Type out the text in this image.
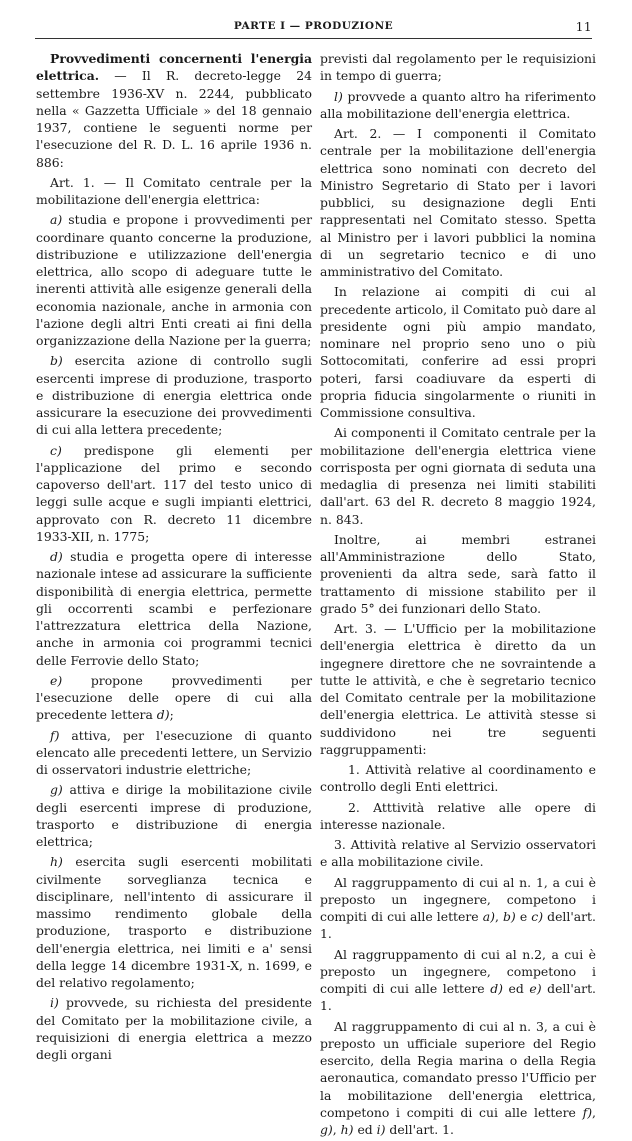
PARTE I — PRODUZIONE	11

Provvedimenti concernenti l'energia elettrica. — Il R. decreto-legge 24 settembre 1936-XV n. 2244, pubblicato nella « Gazzetta Ufficiale » del 18 gennaio 1937, contiene le seguenti norme per l'esecuzione del R. D. L. 16 aprile 1936 n. 886:

Art. 1. — Il Comitato centrale per la mobilitazione dell'energia elettrica:

a) studia e propone i provvedimenti per coordinare quanto concerne la produzione, distribuzione e utilizzazione dell'energia elettrica, allo scopo di adeguare tutte le inerenti attività alle esigenze generali della economia nazionale, anche in armonia con l'azione degli altri Enti creati ai fini della organizzazione della Nazione per la guerra;

b) esercita azione di controllo sugli esercenti imprese di produzione, trasporto e distribuzione di energia elettrica onde assicurare la esecuzione dei provvedimenti di cui alla lettera precedente;

c) predispone gli elementi per l'applicazione del primo e secondo capoverso dell'art. 117 del testo unico di leggi sulle acque e sugli impianti elettrici, approvato con R. decreto 11 dicembre 1933-XII, n. 1775;

d) studia e progetta opere di interesse nazionale intese ad assicurare la sufficiente disponibilità di energia elettrica, permette gli occorrenti scambi e perfezionare l'attrezzatura elettrica della Nazione, anche in armonia coi programmi tecnici delle Ferrovie dello Stato;

e) propone provvedimenti per l'esecuzione delle opere di cui alla precedente lettera d);

f) attiva, per l'esecuzione di quanto elencato alle precedenti lettere, un Servizio di osservatori industrie elettriche;

g) attiva e dirige la mobilitazione civile degli esercenti imprese di produzione, trasporto e distribuzione di energia elettrica;

h) esercita sugli esercenti mobilitati civilmente sorveglianza tecnica e disciplinare, nell'intento di assicurare il massimo rendimento globale della produzione, trasporto e distribuzione dell'energia elettrica, nei limiti e a' sensi della legge 14 dicembre 1931-X, n. 1699, e del relativo regolamento;

i) provvede, su richiesta del presidente del Comitato per la mobilitazione civile, a requisizioni di energia elettrica a mezzo degli organi

previsti dal regolamento per le requisizioni in tempo di guerra;

l) provvede a quanto altro ha riferimento alla mobilitazione dell'energia elettrica.

Art. 2. — I componenti il Comitato centrale per la mobilitazione dell'energia elettrica sono nominati con decreto del Ministro Segretario di Stato per i lavori pubblici, su designazione degli Enti rappresentati nel Comitato stesso. Spetta al Ministro per i lavori pubblici la nomina di un segretario tecnico e di uno amministrativo del Comitato.

In relazione ai compiti di cui al precedente articolo, il Comitato può dare al presidente ogni più ampio mandato, nominare nel proprio seno uno o più Sottocomitati, conferire ad essi propri poteri, farsi coadiuvare da esperti di propria fiducia singolarmente o riuniti in Commissione consultiva.

Ai componenti il Comitato centrale per la mobilitazione dell'energia elettrica viene corrisposta per ogni giornata di seduta una medaglia di presenza nei limiti stabiliti dall'art. 63 del R. decreto 8 maggio 1924, n. 843.

Inoltre, ai membri estranei all'Amministrazione dello Stato, provenienti da altra sede, sarà fatto il trattamento di missione stabilito per il grado 5° dei funzionari dello Stato.

Art. 3. — L'Ufficio per la mobilitazione dell'energia elettrica è diretto da un ingegnere direttore che ne sovraintende a tutte le attività, e che è segretario tecnico del Comitato centrale per la mobilitazione dell'energia elettrica. Le attività stesse si suddividono nei tre seguenti raggruppamenti:

1. Attività relative al coordinamento e controllo degli Enti elettrici.

2. Atttività relative alle opere di interesse nazionale.

3. Attività relative al Servizio osservatori e alla mobilitazione civile.

Al raggruppamento di cui al n. 1, a cui è preposto un ingegnere, competono i compiti di cui alle lettere a), b) e c) dell'art. 1.

Al raggruppamento di cui al n.2, a cui è preposto un ingegnere, competono i compiti di cui alle lettere d) ed e) dell'art. 1.

Al raggruppamento di cui al n. 3, a cui è preposto un ufficiale superiore del Regio esercito, della Regia marina o della Regia aeronautica, comandato presso l'Ufficio per la mobilitazione dell'energia elettrica, competono i compiti di cui alle lettere f), g), h) ed i) dell'art. 1.
